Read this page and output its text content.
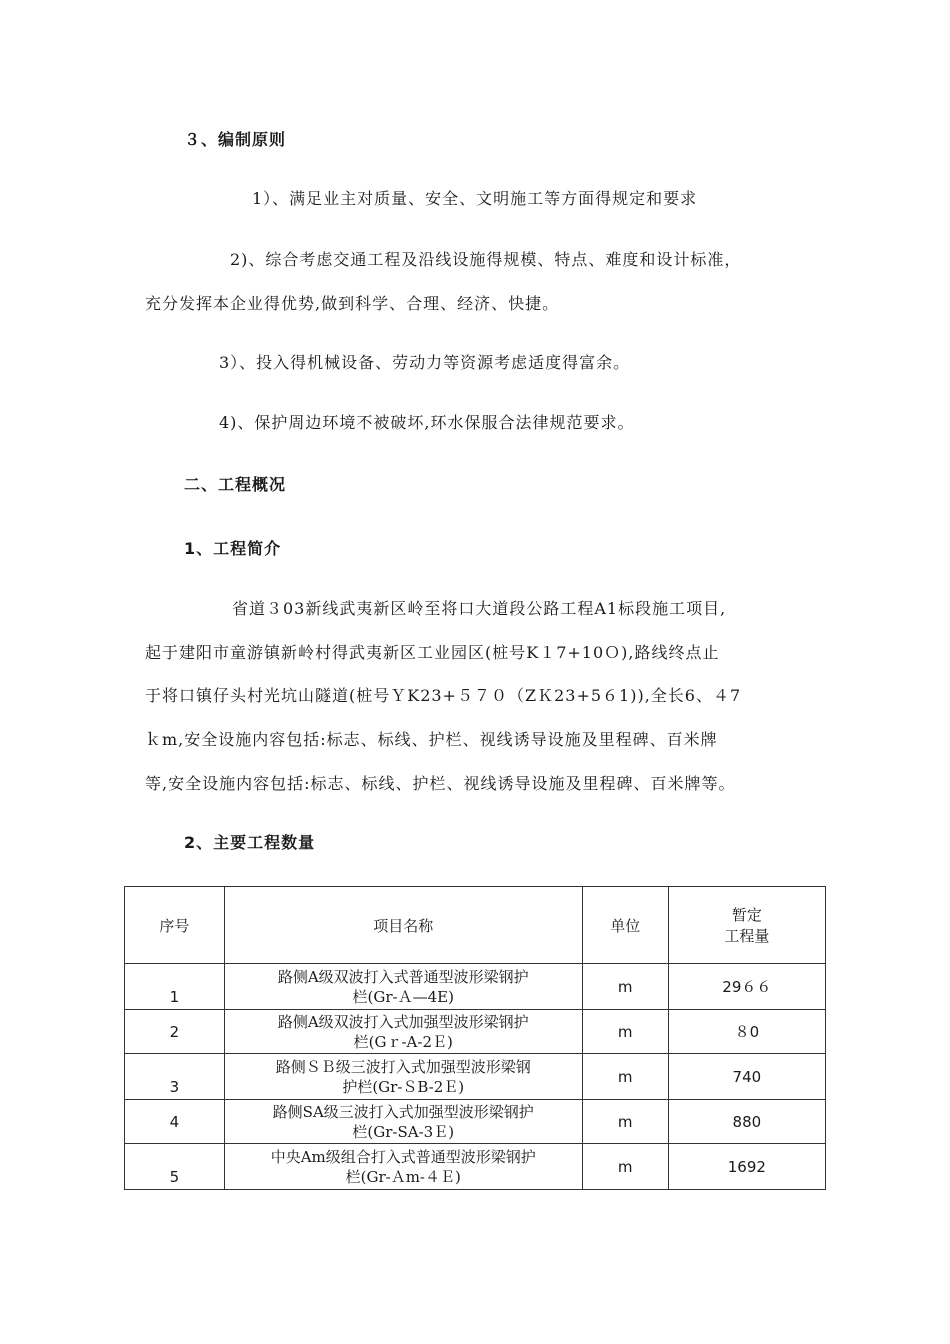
３、编制原则
1）、满足业主对质量、安全、文明施工等方面得规定和要求
2)、综合考虑交通工程及沿线设施得规模、特点、难度和设计标准，
充分发挥本企业得优势,做到科学、合理、经济、快捷。
3）、投入得机械设备、劳动力等资源考虑适度得富余。
4)、保护周边环境不被破坏,环水保服合法律规范要求。
二、工程概况
1、工程简介
省道３03新线武夷新区岭至将口大道段公路工程A1标段施工项目,
起于建阳市童游镇新岭村得武夷新区工业园区(桩号K１7+10Ｏ),路线终点止
于将口镇仔头村光坑山隧道(桩号ＹK23+５７０（ZＫ23+5６1)),全长6、４7
ｋm,安全设施内容包括:标志、标线、护栏、视线诱导设施及里程碑、百米牌
等,安全设施内容包括:标志、标线、护栏、视线诱导设施及里程碑、百米牌等。
2、主要工程数量
序号	项目名称	单位	暂定
工程量

1	路侧A级双波打入式普通型波形梁钢护
栏(Gr-Ａ—4E)	m	29６６
2	路侧A级双波打入式加强型波形梁钢护
栏(Gｒ-A-2Ｅ)	m	８0
3	路侧ＳＢ级三波打入式加强型波形梁钢
护栏(Gr-ＳB-2Ｅ)	m	740
4	路侧SA级三波打入式加强型波形梁钢护
栏(Gr-SA-3Ｅ)	m	880
5	中央Am级组合打入式普通型波形梁钢护
栏(Gr-Ａm-４Ｅ)	m	1692
